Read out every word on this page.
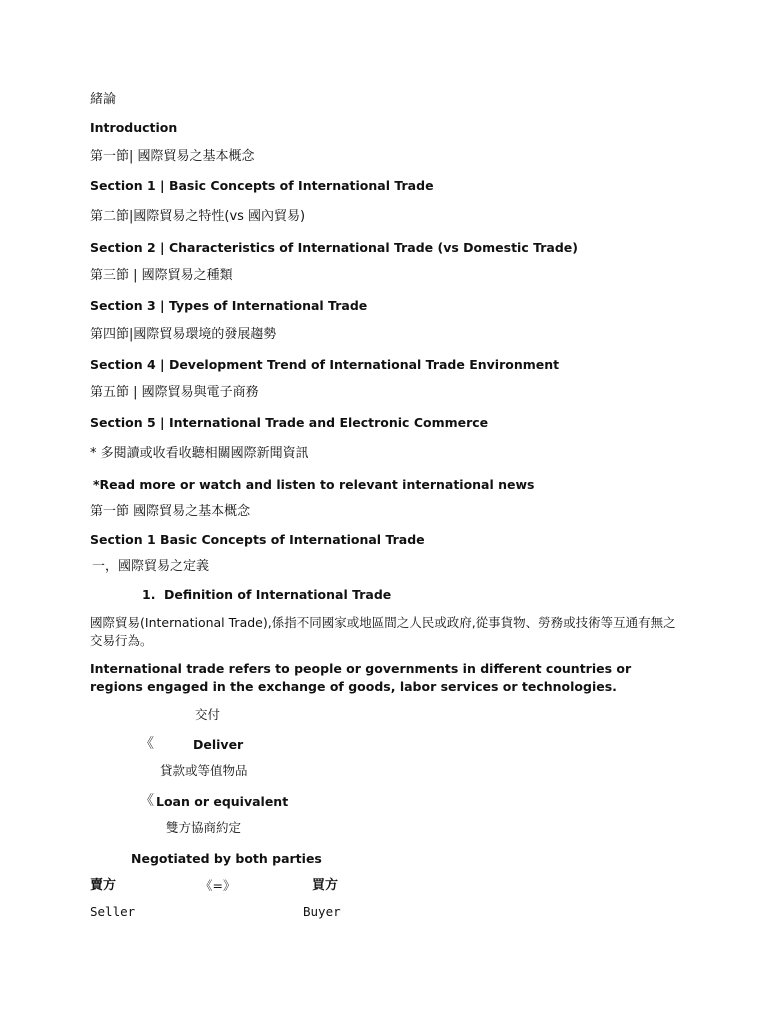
緒論
Introduction
第一節| 國際貿易之基本概念
Section 1 | Basic Concepts of International Trade
第二節|國際貿易之特性(vs 國內貿易)
Section 2 | Characteristics of International Trade (vs Domestic Trade)
第三節 | 國際貿易之種類
Section 3 | Types of International Trade
第四節|國際貿易環境的發展趨勢
Section 4 | Development Trend of International Trade Environment
第五節 | 國際貿易與電子商務
Section 5 | International Trade and Electronic Commerce
* 多閱讀或收看收聽相關國際新聞資訊
*Read more or watch and listen to relevant international news
第一節 國際貿易之基本概念
Section 1 Basic Concepts of International Trade
一，國際貿易之定義
1. Definition of International Trade
國際貿易(International Trade),係指不同國家或地區間之人民或政府,從事貨物、勞務或技術等互通有無之交易行為。
International trade refers to people or governments in different countries or regions engaged in the exchange of goods, labor services or technologies.
交付
《	Deliver
貸款或等值物品
《 Loan or equivalent
雙方協商約定
Negotiated by both parties
賣方	《=》	買方
Seller	Buyer
